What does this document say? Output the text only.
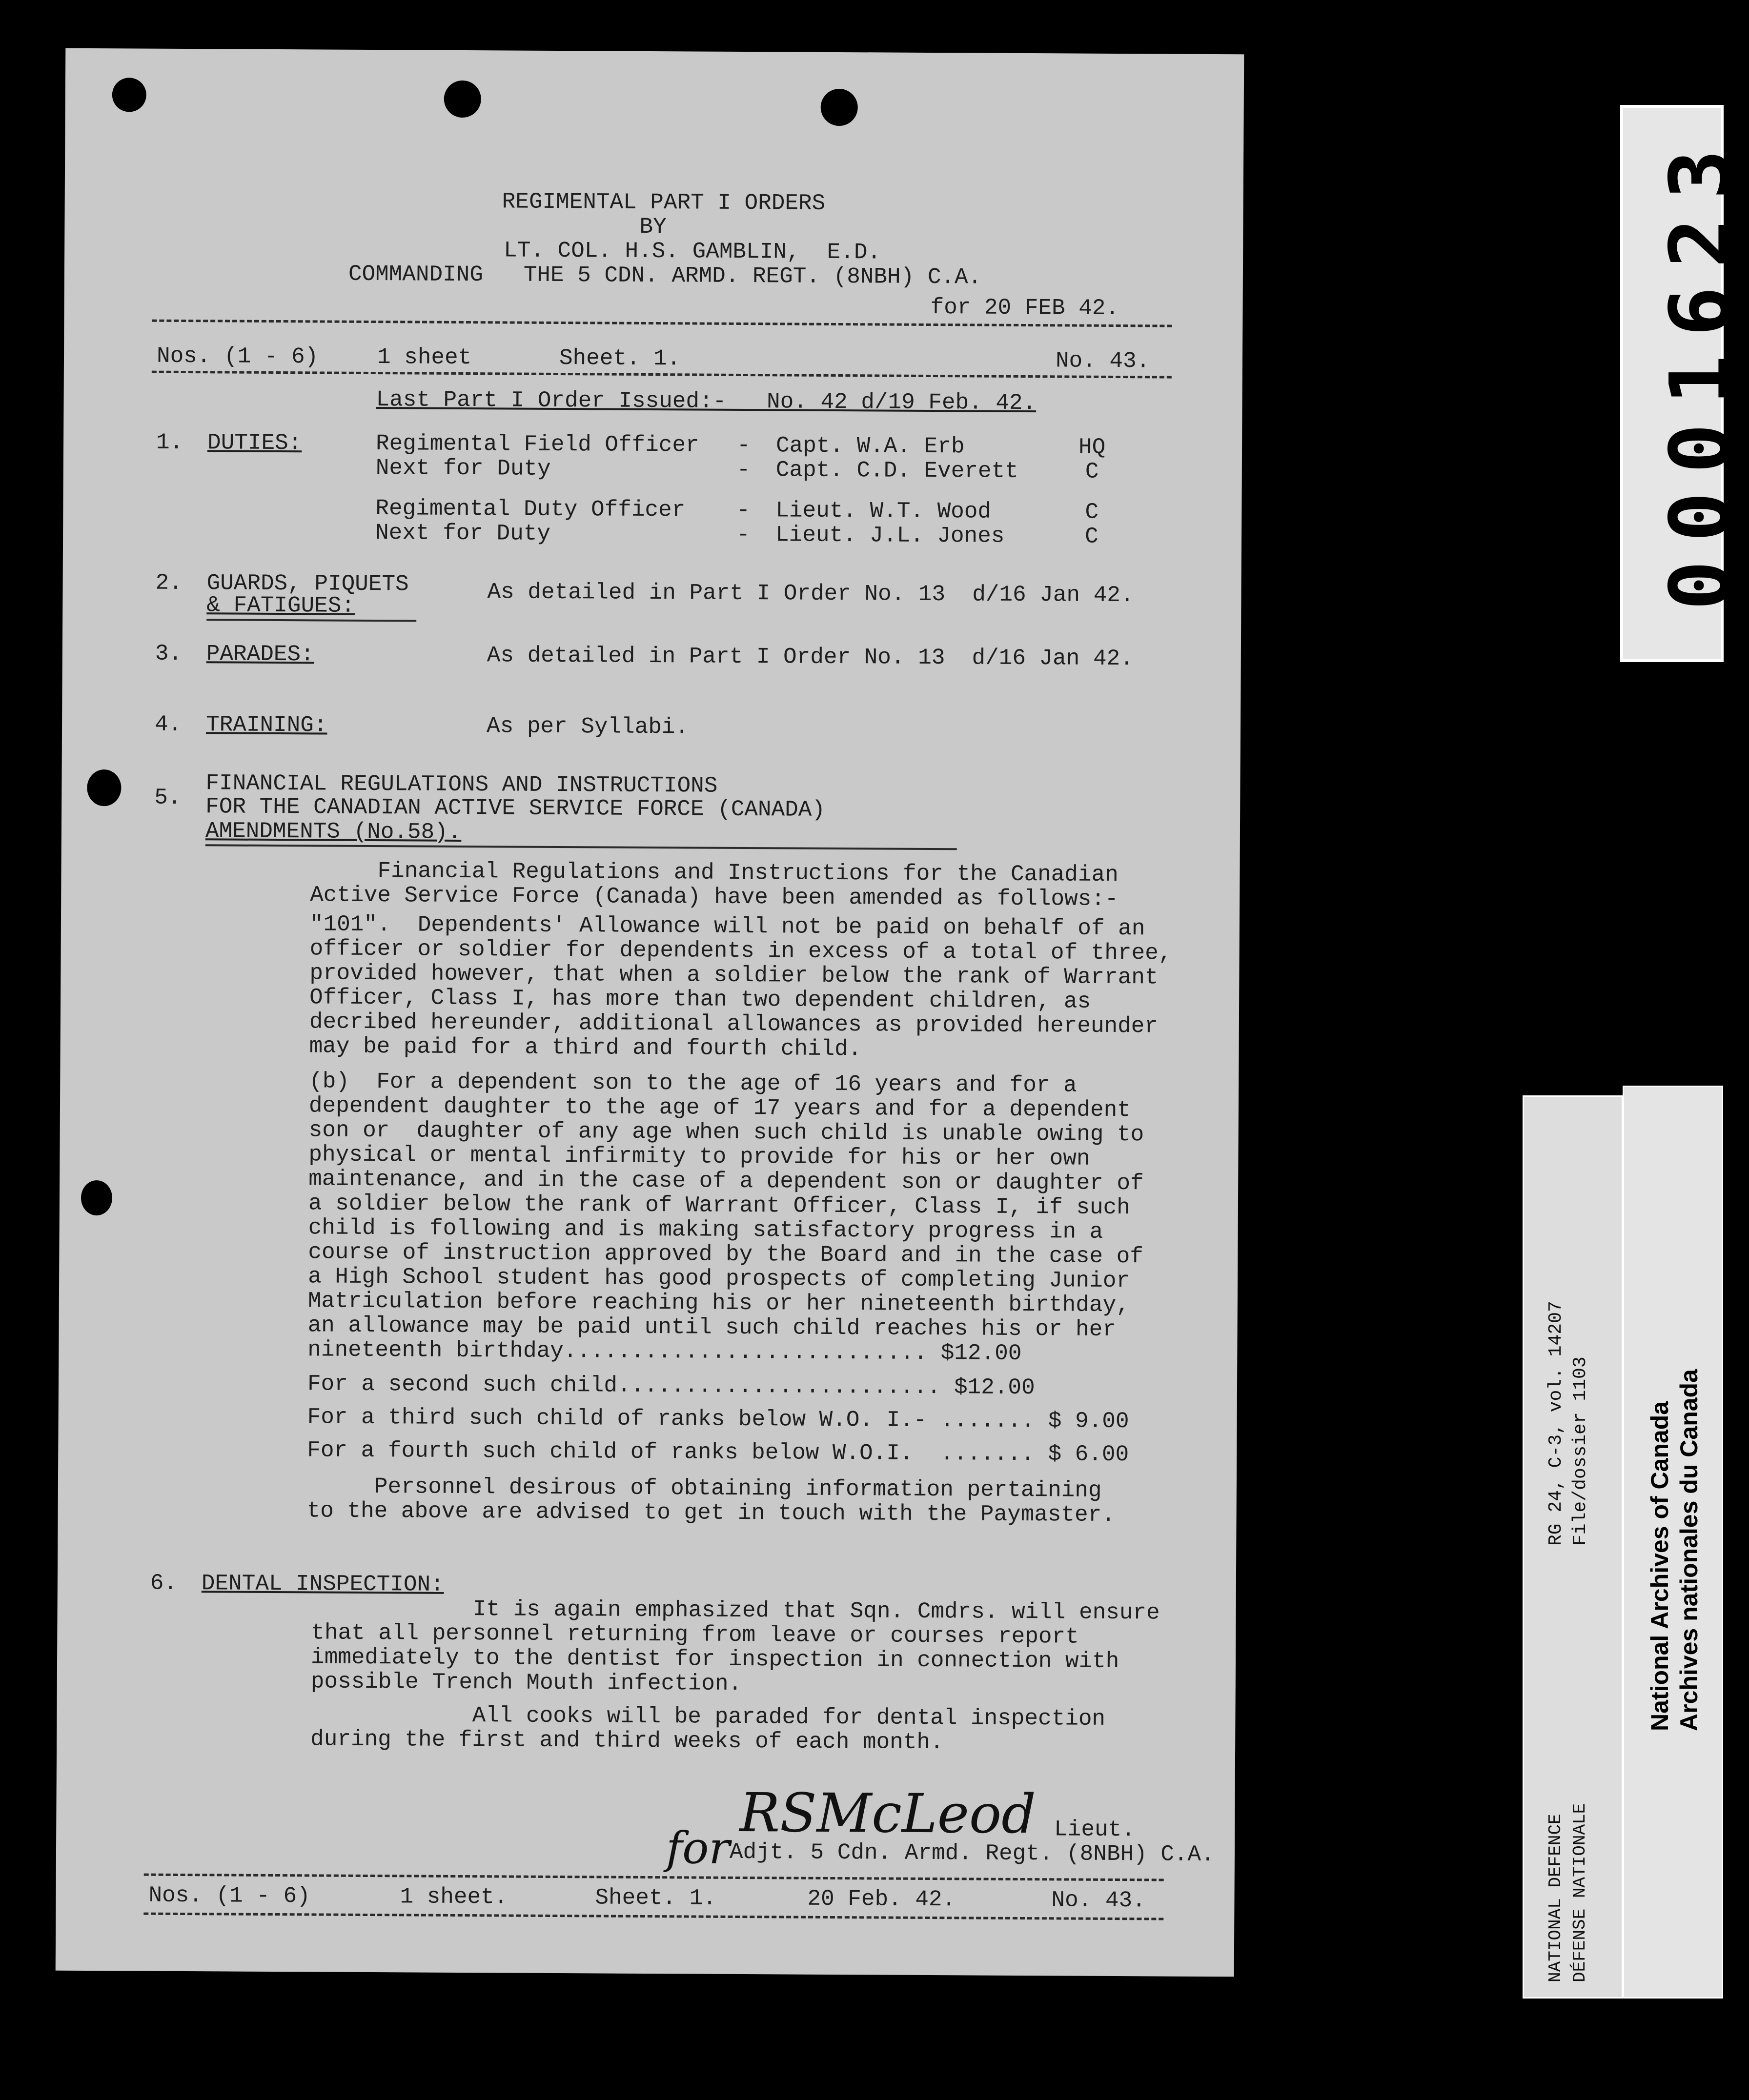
REGIMENTAL PART I ORDERS
BY
LT. COL. H.S. GAMBLIN,  E.D.
COMMANDING   THE 5 CDN. ARMD. REGT. (8NBH) C.A.
for 20 FEB 42.
Nos. (1 - 6)	1 sheet	Sheet. 1.	No. 43.
Last Part I Order Issued:-   No. 42 d/19 Feb. 42.
1. DUTIES:	Regimental Field Officer - Capt. W.A. Erb	HQ
Next for Duty	- Capt. C.D. Everett	C
Regimental Duty Officer - Lieut. W.T. Wood	C
Next for Duty	- Lieut. J.L. Jones	C
2. GUARDS, PIQUETS
& FATIGUES:	As detailed in Part I Order No. 13  d/16 Jan 42.
3. PARADES:	As detailed in Part I Order No. 13  d/16 Jan 42.
4. TRAINING:	As per Syllabi.
5. FINANCIAL REGULATIONS AND INSTRUCTIONS
FOR THE CANADIAN ACTIVE SERVICE FORCE (CANADA)
AMENDMENTS (No.58).
Financial Regulations and Instructions for the Canadian
Active Service Force (Canada) have been amended as follows:-
"101".  Dependents' Allowance will not be paid on behalf of an
officer or soldier for dependents in excess of a total of three,
provided however, that when a soldier below the rank of Warrant
Officer, Class I, has more than two dependent children, as
decribed hereunder, additional allowances as provided hereunder
may be paid for a third and fourth child.
(b)  For a dependent son to the age of 16 years and for a
dependent daughter to the age of 17 years and for a dependent
son or  daughter of any age when such child is unable owing to
physical or mental infirmity to provide for his or her own
maintenance, and in the case of a dependent son or daughter of
a soldier below the rank of Warrant Officer, Class I, if such
child is following and is making satisfactory progress in a
course of instruction approved by the Board and in the case of
a High School student has good prospects of completing Junior
Matriculation before reaching his or her nineteenth birthday,
an allowance may be paid until such child reaches his or her
nineteenth birthday........................... $12.00
For a second such child........................ $12.00
For a third such child of ranks below W.O. I.- ....... $ 9.00
For a fourth such child of ranks below W.O.I.  ....... $ 6.00
Personnel desirous of obtaining information pertaining
to the above are advised to get in touch with the Paymaster.
6. DENTAL INSPECTION:
It is again emphasized that Sqn. Cmdrs. will ensure
that all personnel returning from leave or courses report
immediately to the dentist for inspection in connection with
possible Trench Mouth infection.
All cooks will be paraded for dental inspection
during the first and third weeks of each month.
RSMcLeod Lieut.
for Adjt. 5 Cdn. Armd. Regt. (8NBH) C.A.
Nos. (1 - 6)	1 sheet.	Sheet. 1.	20 Feb. 42.	No. 43.
0001623
RG 24, C-3, vol. 14207 File/dossier 1103
NATIONAL DEFENCE DÉFENSE NATIONALE
National Archives of Canada Archives nationales du Canada
